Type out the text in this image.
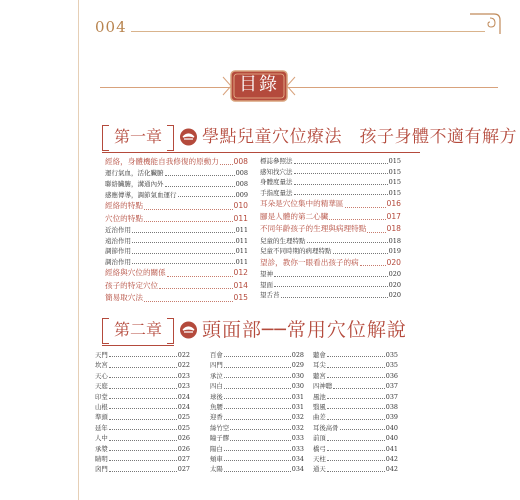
004
目錄
第一章	學點兒童穴位療法　孩子身體不適有解方
經絡，身體機能自我修復的原動力 008
運行氣血，活化臟腑	008
聯絡臟腑，溝通內外	008
感應傳導，調節氣血運行	009
經絡的特點	010
穴位的特點	011
近治作用	011
遠治作用	011
調節作用	011
調治作用	011
經絡與穴位的關係	012
孩子的特定穴位	014
簡易取穴法	015
標誌參照法	015
感知找穴法	015
身體度量法	015
手指度量法	015
耳朵是穴位集中的精華區	016
腳是人體的第二心臟	017
不同年齡孩子的生理與病理特點	018
兒童的生理特點	018
兒童不同時期的病理特點	019
望診，教你一眼看出孩子的病	020
望神	020
望面	020
望舌苔	020
第二章	頭面部──常用穴位解說
天門	022
坎宮	022
天心	023
天庭	023
印堂	024
山根	024
準頭	025
延年	025
人中	026
承漿	026
睛明	027
囟門	027
百會	028
四門	029
承泣	030
四白	030
球後	031
魚腰	031
迎香	032
絲竹空	032
瞳子髎	033
陽白	033
頰車	034
太陽	034
聽會	035
耳尖	035
聽宮	036
四神聰	037
風池	037
翳風	038
曲差	039
耳後高骨	040
前頂	040
橋弓	041
天柱	042
通天	042
